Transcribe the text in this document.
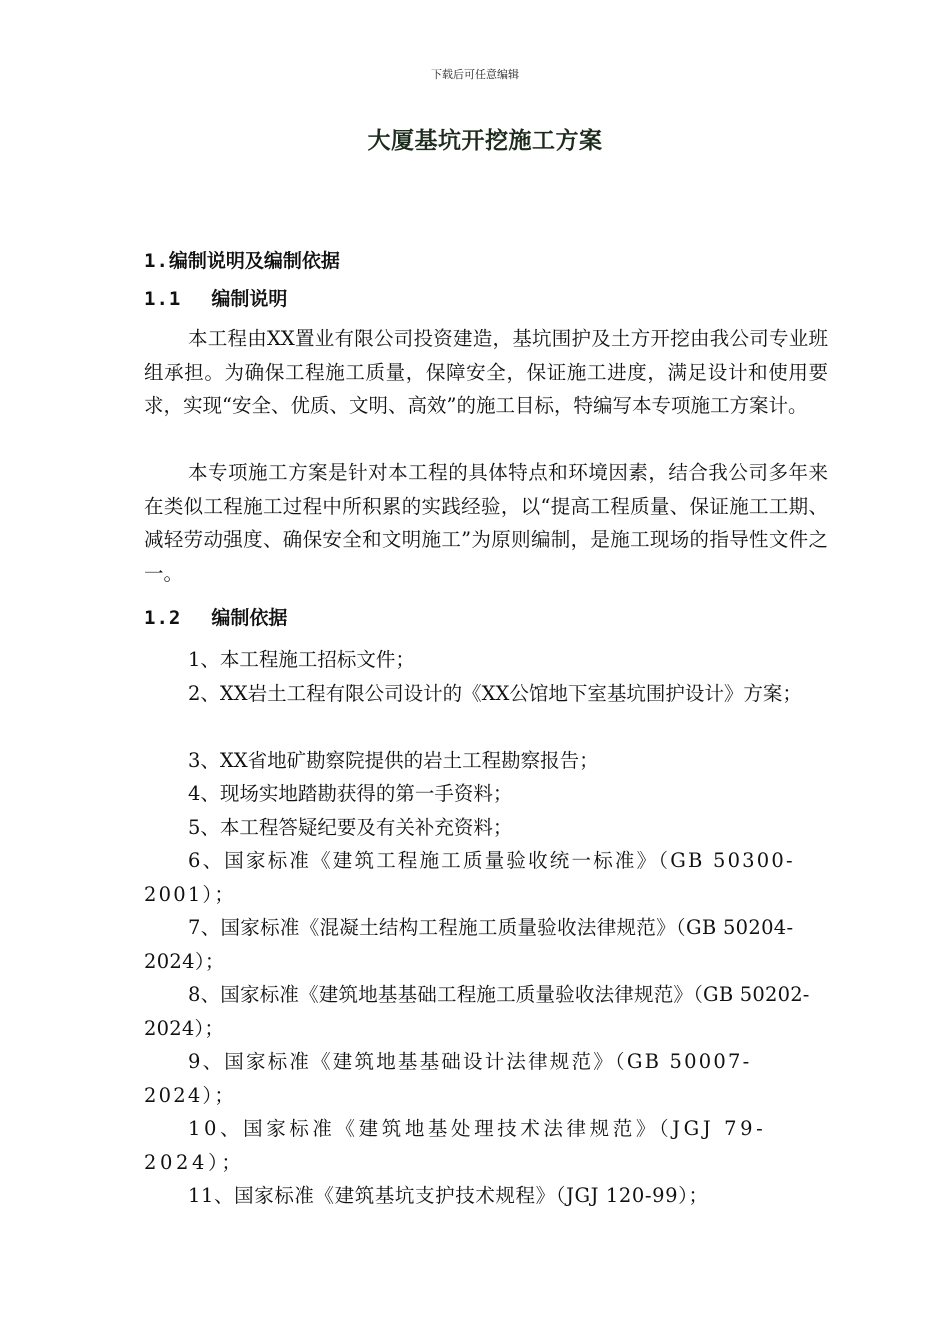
下载后可任意编辑
大厦基坑开挖施工方案
1.编制说明及编制依据
1.1 编制说明

本工程由XX置业有限公司投资建造，基坑围护及土方开挖由我公司专业班组承担。为确保工程施工质量，保障安全，保证施工进度，满足设计和使用要求，实现“安全、优质、文明、高效”的施工目标，特编写本专项施工方案计。

本专项施工方案是针对本工程的具体特点和环境因素，结合我公司多年来在类似工程施工过程中所积累的实践经验，以“提高工程质量、保证施工工期、减轻劳动强度、确保安全和文明施工”为原则编制，是施工现场的指导性文件之一。

1.2 编制依据

1、本工程施工招标文件；

2、XX岩土工程有限公司设计的《XX公馆地下室基坑围护设计》方案；

3、XX省地矿勘察院提供的岩土工程勘察报告；

4、现场实地踏勘获得的第一手资料；

5、本工程答疑纪要及有关补充资料；

6、国家标准《建筑工程施工质量验收统一标准》（GB 50300-2001）；

7、国家标准《混凝土结构工程施工质量验收法律规范》（GB 50204-2024）；

8、国家标准《建筑地基基础工程施工质量验收法律规范》（GB 50202-2024）；

9、国家标准《建筑地基基础设计法律规范》（GB 50007-2024）；

10、国家标准《建筑地基处理技术法律规范》（JGJ 79-2024）；

11、国家标准《建筑基坑支护技术规程》（JGJ 120-99）；
